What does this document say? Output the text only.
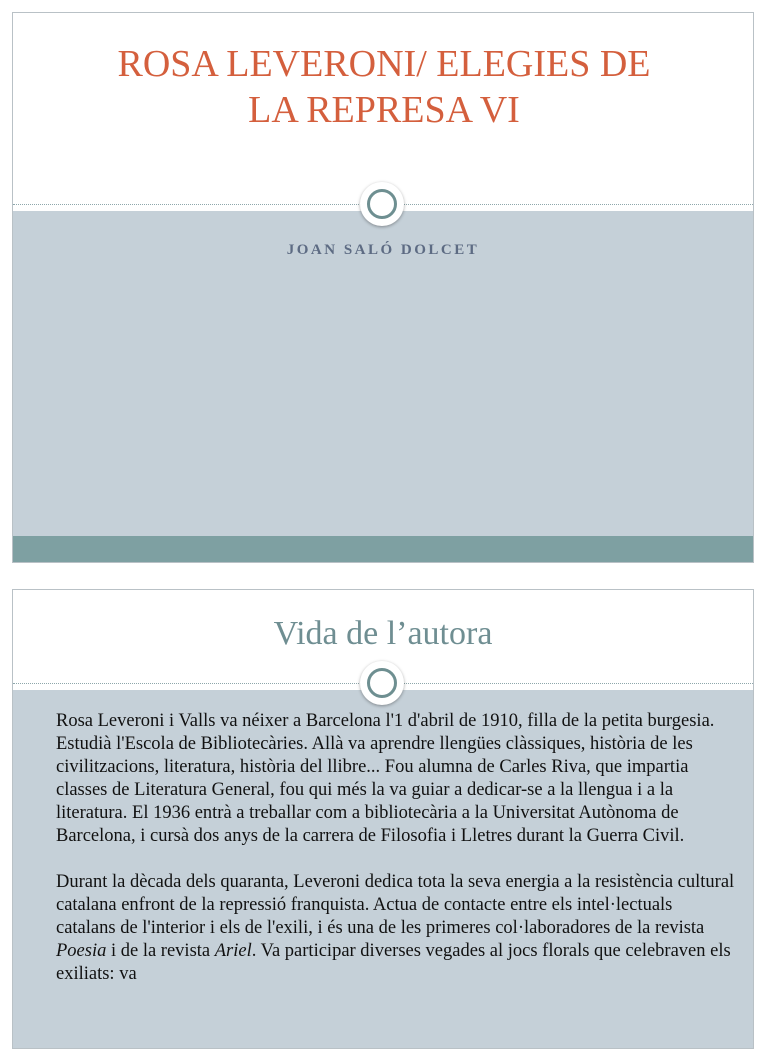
ROSA LEVERONI/ ELEGIES DE
LA REPRESA VI

JOAN SALÓ DOLCET

Vida de l’autora

Rosa Leveroni i Valls va néixer a Barcelona l'1 d'abril de 1910, filla de la petita burgesia. Estudià l'Escola de Bibliotecàries. Allà va aprendre llengües clàssiques, història de les civilitzacions, literatura, història del llibre... Fou alumna de Carles Riva, que impartia classes de Literatura General, fou qui més la va guiar a dedicar-se a la llengua i a la literatura. El 1936 entrà a treballar com a bibliotecària a la Universitat Autònoma de Barcelona, i cursà dos anys de la carrera de Filosofia i Lletres durant la Guerra Civil.

Durant la dècada dels quaranta, Leveroni dedica tota la seva energia a la resistència cultural catalana enfront de la repressió franquista. Actua de contacte entre els intel·lectuals catalans de l'interior i els de l'exili, i és una de les primeres col·laboradores de la revista Poesia i de la revista Ariel. Va participar diverses vegades al jocs florals que celebraven els exiliats: va
